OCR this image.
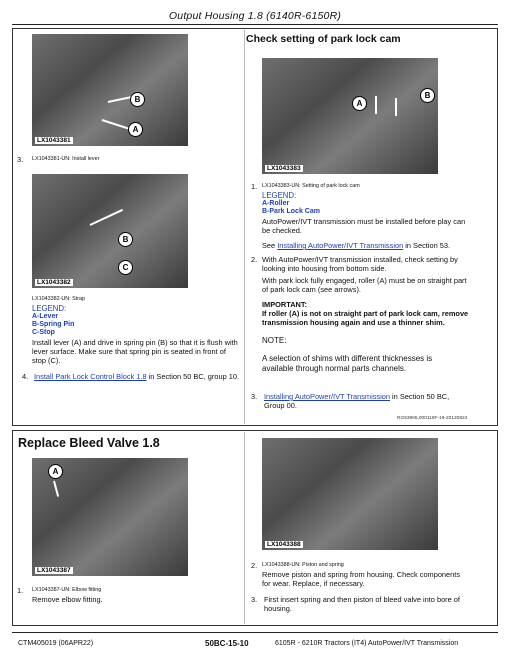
Output Housing 1.8 (6140R-6150R)
B
A
LX1043381
3. LX1043381-UN: Install lever
B
C
LX1043382
LX1043382-UN: Strap
LEGEND:
A-Lever
B-Spring Pin
C-Stop
Install lever (A) and drive in spring pin (B) so that it is flush with
lever surface. Make sure that spring pin is seated in front of
stop (C).
4. Install Park Lock Control Block 1.8 in Section 50 BC, group 10.
Check setting of park lock cam
A
B
LX1043383
1. LX1043383-UN: Setting of park lock cam
LEGEND:
A-Roller
B-Park Lock Cam
AutoPower/IVT transmission must be installed before play can
be checked.
See Installing AutoPower/IVT Transmission in Section 53.
2. With AutoPower/IVT transmission installed, check setting by
looking into housing from bottom side.
With park lock fully engaged, roller (A) must be on straight part
of park lock cam (see arrows).
IMPORTANT:
If roller (A) is not on straight part of park lock cam, remove
transmission housing again and use a thinner shim.
NOTE:
A selection of shims with different thicknesses is
available through normal parts channels.
3. Installing AutoPower/IVT Transmission in Section 50 BC,
Group 00.
RG53965,000118F-19-20120824
Replace Bleed Valve 1.8
A
LX1043387
1. LX1043387-UN: Elbow fitting
Remove elbow fitting.
LX1043388
2. LX1043388-UN: Piston and spring
Remove piston and spring from housing. Check components
for wear. Replace, if necessary.
3. First insert spring and then piston of bleed valve into bore of
housing.
CTM405019 (06APR22)	50BC-15-10	6105R - 6210R Tractors (IT4) AutoPower/IVT Transmission
